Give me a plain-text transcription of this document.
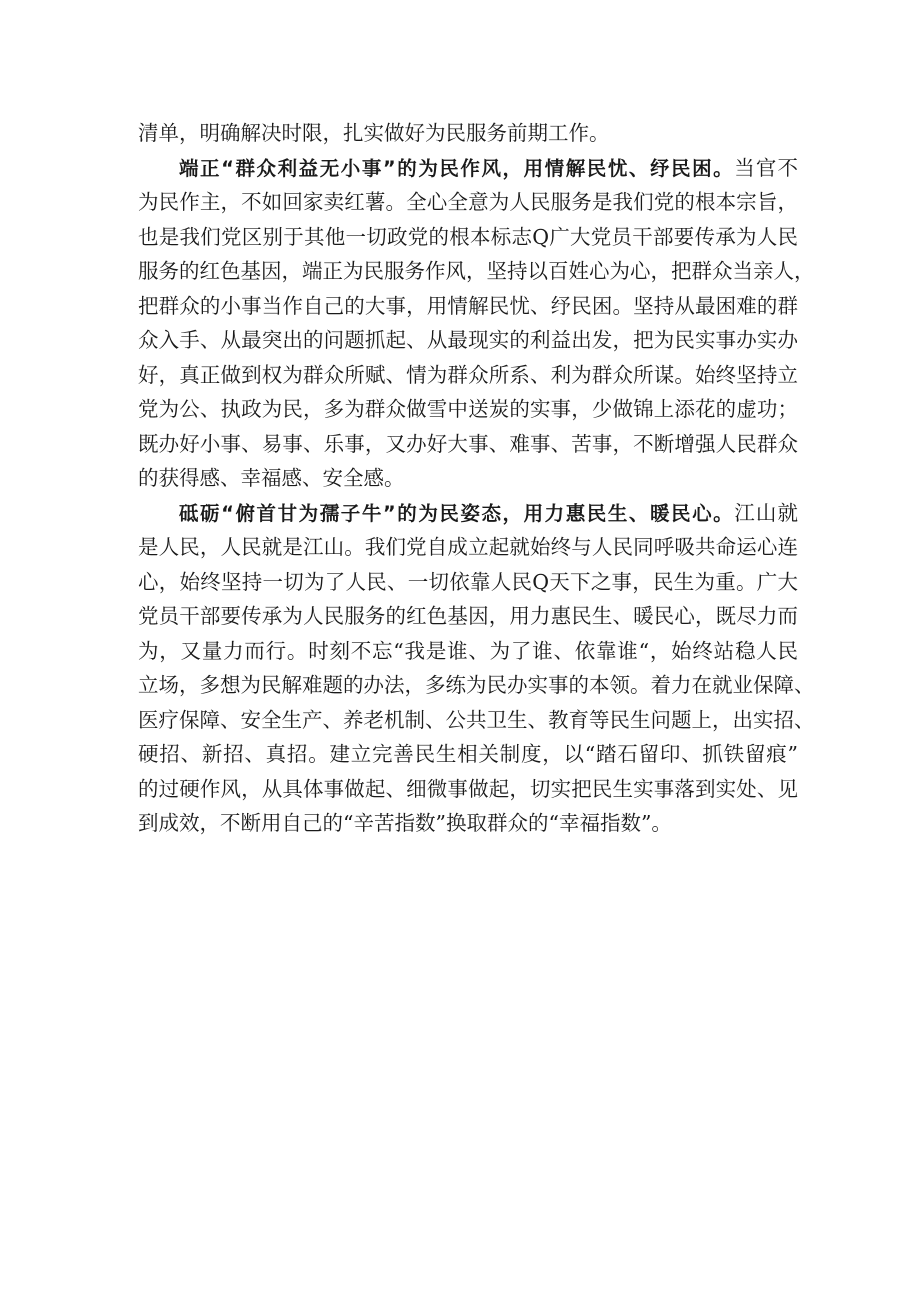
清单，明确解决时限，扎实做好为民服务前期工作。
端正“群众利益无小事”的为民作风，用情解民忧、纾民困。当官不
为民作主，不如回家卖红薯。全心全意为人民服务是我们党的根本宗旨，
也是我们党区别于其他一切政党的根本标志Q广大党员干部要传承为人民
服务的红色基因，端正为民服务作风，坚持以百姓心为心，把群众当亲人，
把群众的小事当作自己的大事，用情解民忧、纾民困。坚持从最困难的群
众入手、从最突出的问题抓起、从最现实的利益出发，把为民实事办实办
好，真正做到权为群众所赋、情为群众所系、利为群众所谋。始终坚持立
党为公、执政为民，多为群众做雪中送炭的实事，少做锦上添花的虚功；
既办好小事、易事、乐事，又办好大事、难事、苦事，不断增强人民群众
的获得感、幸福感、安全感。
砥砺“俯首甘为孺子牛”的为民姿态，用力惠民生、暖民心。江山就
是人民，人民就是江山。我们党自成立起就始终与人民同呼吸共命运心连
心，始终坚持一切为了人民、一切依靠人民Q天下之事，民生为重。广大
党员干部要传承为人民服务的红色基因，用力惠民生、暖民心，既尽力而
为，又量力而行。时刻不忘“我是谁、为了谁、依靠谁“，始终站稳人民
立场，多想为民解难题的办法，多练为民办实事的本领。着力在就业保障、
医疗保障、安全生产、养老机制、公共卫生、教育等民生问题上，出实招、
硬招、新招、真招。建立完善民生相关制度，以“踏石留印、抓铁留痕”
的过硬作风，从具体事做起、细微事做起，切实把民生实事落到实处、见
到成效，不断用自己的“辛苦指数”换取群众的“幸福指数”。
